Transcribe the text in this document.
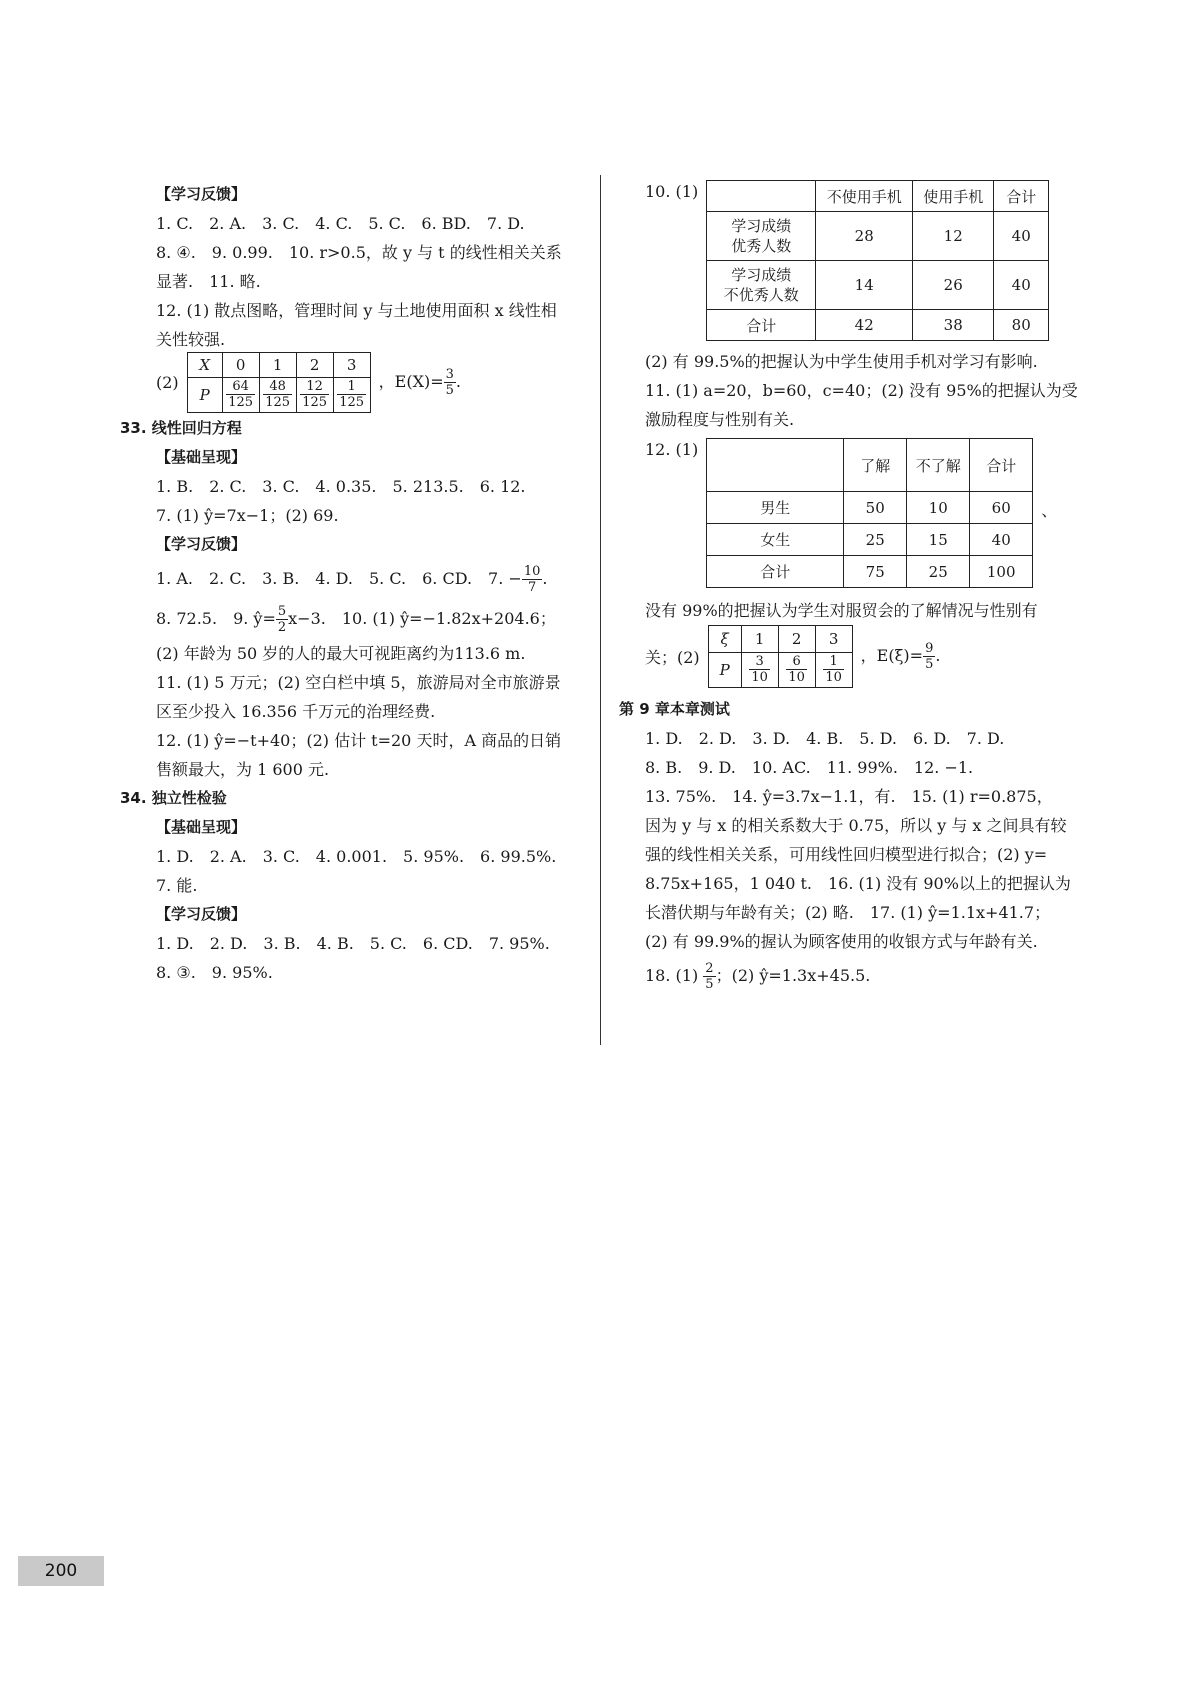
【学习反馈】
1. C.　2. A.　3. C.　4. C.　5. C.　6. BD.　7. D.
8. ④.　9. 0.99.　10. r>0.5，故 y 与 t 的线性相关关系
显著.　11. 略.
12. (1) 散点图略，管理时间 y 与土地使用面积 x 线性相
关性较强.
(2)
X	0	1	2	3
P	$\frac{64}{125}$	$\frac{48}{125}$	$\frac{12}{125}$	$\frac{1}{125}$ ，$E(X)= \frac{3}{5}$ .
33. 线性回归方程
【基础呈现】
1. B.　2. C.　3. C.　4. 0.35.　5. 213.5.　6. 12.
7. (1) ŷ=7x−1；(2) 69.
【学习反馈】
1. A.　2. C.　3. B.　4. D.　5. C.　6. CD.　7. − $\frac{10}{7}$ .
8. 72.5.　9. ŷ= $\frac{5}{2} x-3$.　10. (1) ŷ=−1.82x+204.6；
(2) 年龄为 50 岁的人的最大可视距离约为113.6 m.
11. (1) 5 万元；(2) 空白栏中填 5，旅游局对全市旅游景
区至少投入 16.356 千万元的治理经费.
12. (1) ŷ=−t+40；(2) 估计 t=20 天时，A 商品的日销
售额最大，为 1 600 元.
34. 独立性检验
【基础呈现】
1. D.　2. A.　3. C.　4. 0.001.　5. 95%.　6. 99.5%.
7. 能.
【学习反馈】
1. D.　2. D.　3. B.　4. B.　5. C.　6. CD.　7. 95%.
8. ③.　9. 95%.
10. (1)
		不使用手机	使用手机	合计
学习成绩
优秀人数	28	12	40
学习成绩
不优秀人数	14	26	40
合计	42	38	80
(2) 有 99.5%的把握认为中学生使用手机对学习有影响.
11. (1) a=20，b=60，c=40；(2) 没有 95%的把握认为受
激励程度与性别有关.
12. (1)
	了解	不了解	合计
男生	50	10	60
女生	25	15	40
合计	75	25	100
、
没有 99%的把握认为学生对服贸会的了解情况与性别有
关；(2)
ξ	1	2	3
P	$\frac{3}{10}$	$\frac{6}{10}$	$\frac{1}{10}$ ，$E(\xi)= \frac{9}{5}$ .
第 9 章本章测试
1. D.　2. D.　3. D.　4. B.　5. D.　6. D.　7. D.
8. B.　9. D.　10. AC.　11. 99%.　12. −1.
13. 75%.　14. ŷ=3.7x−1.1，有.　15. (1) r=0.875，
因为 y 与 x 的相关系数大于 0.75，所以 y 与 x 之间具有较
强的线性相关关系，可用线性回归模型进行拟合；(2) y=
8.75x+165，1 040 t.　16. (1) 没有 90%以上的把握认为
长潜伏期与年龄有关；(2) 略.　17. (1) ŷ=1.1x+41.7；
(2) 有 99.9%的握认为顾客使用的收银方式与年龄有关.
18. $(1) \frac{2}{5}$ ；(2) ŷ=1.3x+45.5.
200
